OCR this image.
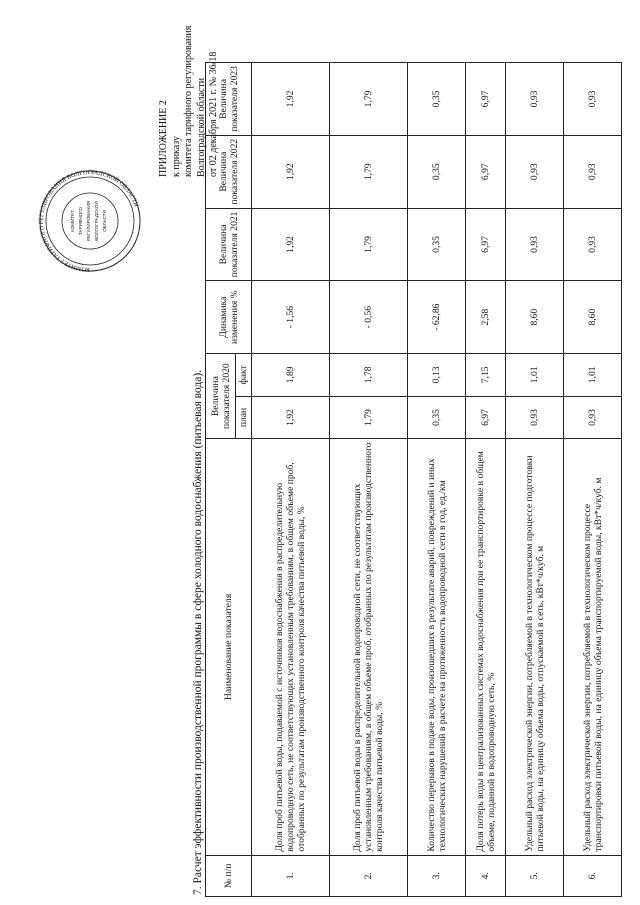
КОМИТЕТ ТАРИФНОГО РЕГУЛИРОВАНИЯ ВОЛГОГРАДСКОЙ ОБЛАСТИ
КОМИТЕТ ТАРИФНОГО РЕГУЛИРОВАНИЯ ВОЛГОГРАДСКОЙ ОБЛАСТИ
ПРИЛОЖЕНИЕ 2 к приказу комитета тарифного регулирования Волгоградской области от 02 декабря 2021 г. № 36/18
7. Расчет эффективности производственной программы в сфере холодного водоснабжения (питьевая вода). № п/п	Наименование показателя	Величина показателя 2020		Динамика изменения %	Величина показателя 2021	Величина показателя 2022	Величина показателя 2023
		план	факт				
1.	Доля проб питьевой воды, подаваемой с источников водоснабжения в распределительную водопроводную сеть, не соответствующих установленным требованиям, в общем объеме проб, отобранных по результатам производственного контроля качества питьевой воды, %	1,92	1,89	- 1,56	1,92	1,92	1,92
2.	Доля проб питьевой воды в распределительной водопроводной сети, не соответствующих установленным требованиям, в общем объеме проб, отобранных по результатам производственного контроля качества питьевой воды, %	1,79	1,78	- 0,56	1,79	1,79	1,79
3.	Количество перерывов в подаче воды, произошедших в результате аварий, повреждений и иных технологических нарушений в расчете на протяженность водопроводной сети в год, ед./км	0,35	0,13	- 62,86	0,35	0,35	0,35
4.	Доля потерь воды в централизованных системах водоснабжения при ее транспортировке в общем объеме, поданной в водопроводную сеть, %	6,97	7,15	2,58	6,97	6,97	6,97
5.	Удельный расход электрической энергии, потребляемой в технологическом процессе подготовки питьевой воды, на единицу объема воды, отпускаемой в сеть, кВт*ч/куб. м	0,93	1,01	8,60	0,93	0,93	0,93
6.	Удельный расход электрической энергии, потребляемой в технологическом процессе транспортировки питьевой воды, на единицу объема транспортируемой воды, кВт*ч/куб. м	0,93	1,01	8,60	0,93	0,93	0,93
